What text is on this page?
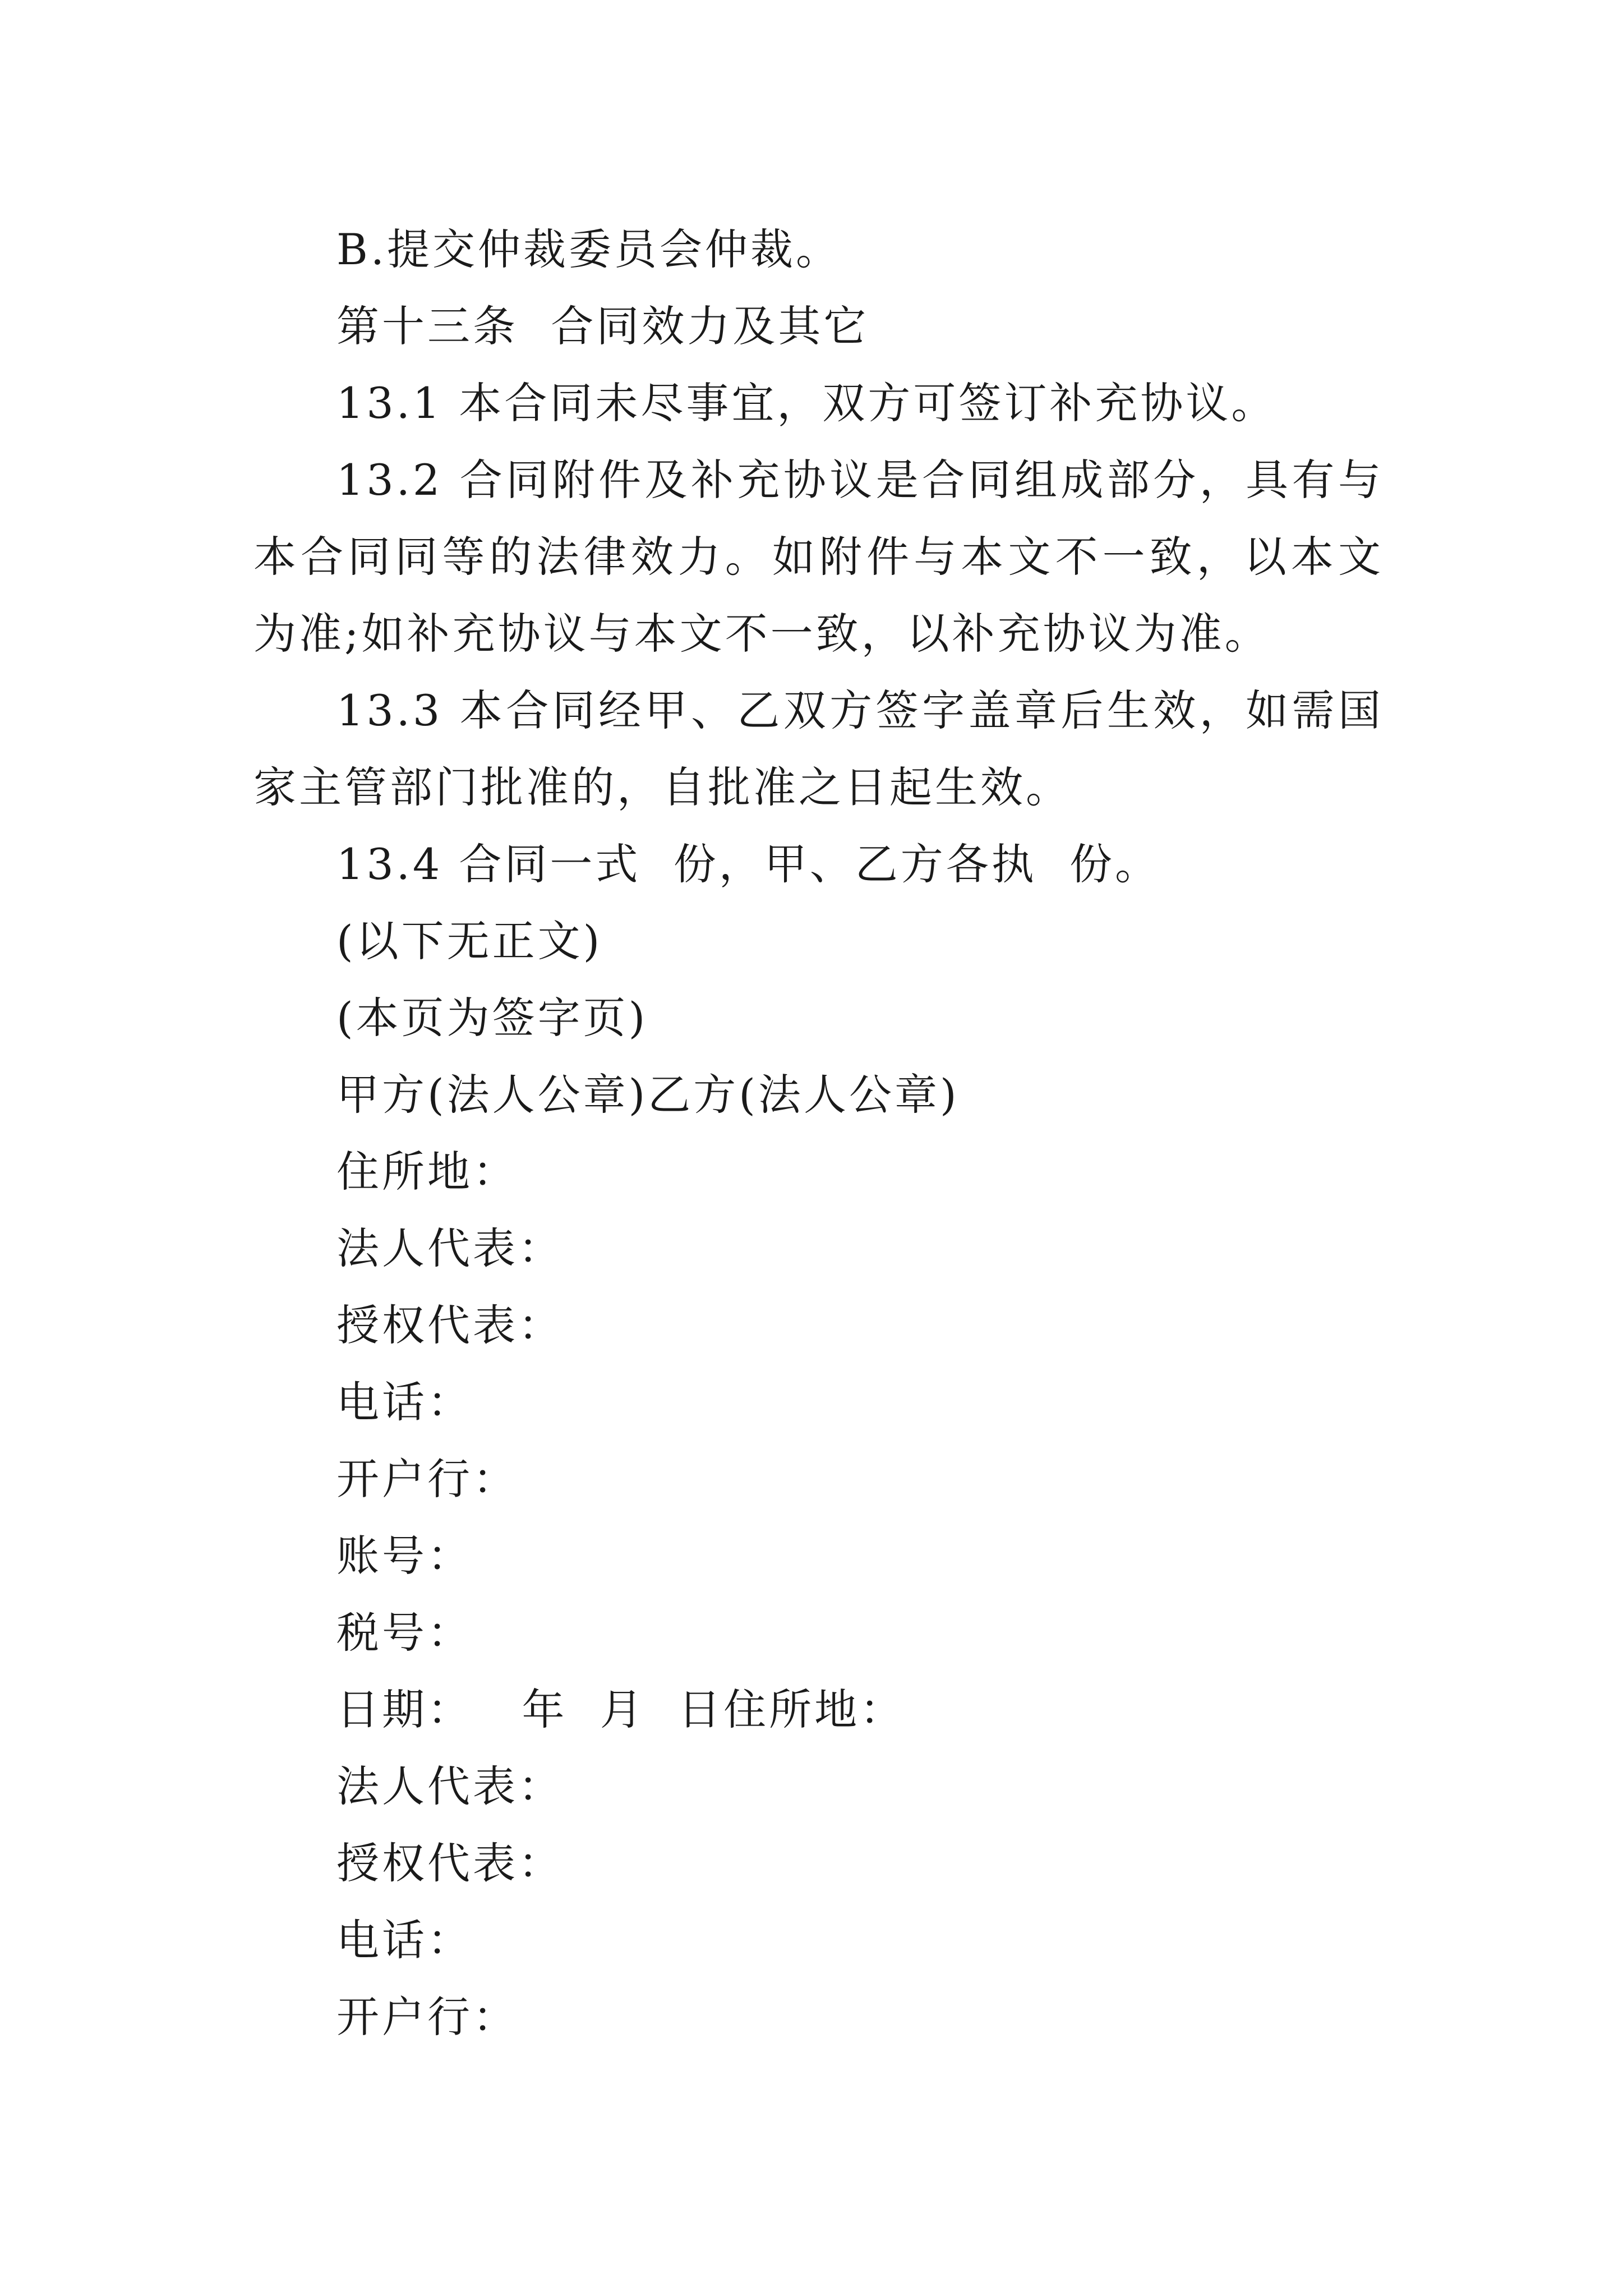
B.提交仲裁委员会仲裁。

第十三条  合同效力及其它

13.1 本合同未尽事宜，双方可签订补充协议。

13.2 合同附件及补充协议是合同组成部分，具有与本合同同等的法律效力。如附件与本文不一致，以本文为准;如补充协议与本文不一致，以补充协议为准。

13.3 本合同经甲、乙双方签字盖章后生效，如需国家主管部门批准的，自批准之日起生效。

13.4 合同一式  份，甲、乙方各执  份。

(以下无正文)

(本页为签字页)

甲方(法人公章)乙方(法人公章)

住所地：

法人代表：

授权代表：

电话：

开户行：

账号：

税号：

日期：   年  月  日住所地：

法人代表：

授权代表：

电话：

开户行：
